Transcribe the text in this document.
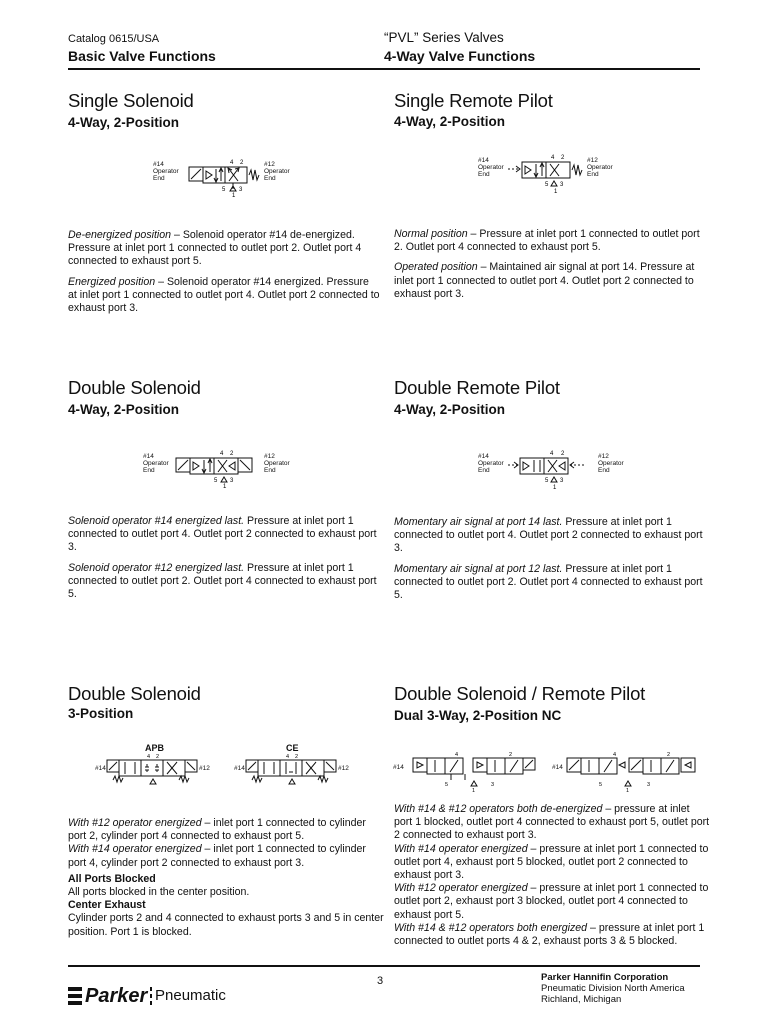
Catalog 0615/USA
Basic Valve Functions
“PVL” Series Valves
4-Way Valve Functions
Single Solenoid
4-Way, 2-Position
#14
Operator
End
4 2
5 3
1
#12
Operator
End

De-energized position – Solenoid operator #14 de-energized. Pressure at inlet port 1 connected to outlet port 2. Outlet port 4 connected to exhaust port 5.

Energized position – Solenoid operator #14 energized. Pressure at inlet port 1 connected to outlet port 4. Outlet port 2 connected to exhaust port 3.

Single Remote Pilot
4-Way, 2-Position
#14
Operator
End
4 2
5 3
1
#12
Operator
End

Normal position – Pressure at inlet port 1 connected to outlet port 2. Outlet port 4 connected to exhaust port 5.

Operated position – Maintained air signal at port 14. Pressure at inlet port 1 connected to outlet port 4. Outlet port 2 connected to exhaust port 3.

Double Solenoid
4-Way, 2-Position
#14
Operator
End
4 2
5 3
1
#12
Operator
End

Solenoid operator #14 energized last. Pressure at inlet port 1 connected to outlet port 4. Outlet port 2 connected to exhaust port 3.

Solenoid operator #12 energized last. Pressure at inlet port 1 connected to outlet port 2. Outlet port 4 connected to exhaust port 5.

Double Remote Pilot
4-Way, 2-Position
#14
Operator
End
4 2
5 3
1
#12
Operator
End

Momentary air signal at port 14 last. Pressure at inlet port 1 connected to outlet port 4. Outlet port 2 connected to exhaust port 3.

Momentary air signal at port 12 last. Pressure at inlet port 1 connected to outlet port 2. Outlet port 4 connected to exhaust port 5.

Double Solenoid
3-Position
APB
#14
4 2
#12
CE
#14
4 2
#12

With #12 operator energized – inlet port 1 connected to cylinder port 2, cylinder port 4 connected to exhaust port 5.

With #14 operator energized – inlet port 1 connected to cylinder port 4, cylinder port 2 connected to exhaust port 3.

All Ports Blocked

All ports blocked in the center position.

Center Exhaust

Cylinder ports 2 and 4 connected to exhaust ports 3 and 5 in center position. Port 1 is blocked.

Double Solenoid / Remote Pilot
Dual 3-Way, 2-Position NC
#14
4	2
5	3
1
#14
4	2
5	3
1

With #14 & #12 operators both de-energized – pressure at inlet port 1 blocked, outlet port 4 connected to exhaust port 5, outlet port 2 connected to exhaust port 3.

With #14 operator energized – pressure at inlet port 1 connected to outlet port 4, exhaust port 5 blocked, outlet port 2 connected to exhaust port 3.

With #12 operator energized – pressure at inlet port 1 connected to outlet port 2, exhaust port 3 blocked, outlet port 4 connected to exhaust port 5.

With #14 & #12 operators both energized – pressure at inlet port 1 connected to outlet ports 4 & 2, exhaust ports 3 & 5 blocked.

Parker Pneumatic
3	Parker Hannifin Corporation
Pneumatic Division North America
Richland, Michigan
